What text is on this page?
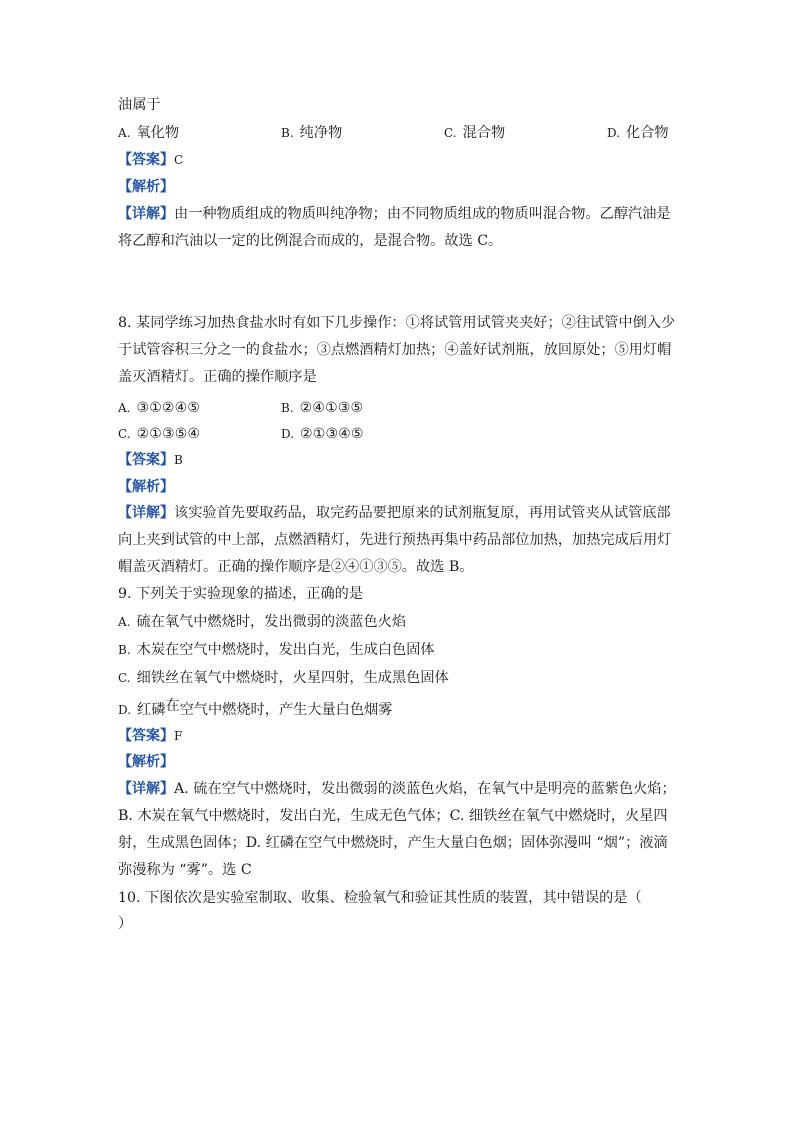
油属于
A. 氧化物	B. 纯净物	C. 混合物	D. 化合物
【答案】C
【解析】
【详解】由一种物质组成的物质叫纯净物；由不同物质组成的物质叫混合物。乙醇汽油是
将乙醇和汽油以一定的比例混合而成的，是混合物。故选 C。
8. 某同学练习加热食盐水时有如下几步操作：①将试管用试管夹夹好；②往试管中倒入少
于试管容积三分之一的食盐水；③点燃酒精灯加热；④盖好试剂瓶，放回原处；⑤用灯帽
盖灭酒精灯。正确的操作顺序是
A. ③①②④⑤	B. ②④①③⑤
C. ②①③⑤④	D. ②①③④⑤
【答案】B
【解析】
【详解】该实验首先要取药品，取完药品要把原来的试剂瓶复原，再用试管夹从试管底部
向上夹到试管的中上部，点燃酒精灯，先进行预热再集中药品部位加热，加热完成后用灯
帽盖灭酒精灯。正确的操作顺序是②④①③⑤。故选 B。
9. 下列关于实验现象的描述，正确的是
A. 硫在氧气中燃烧时，发出微弱的淡蓝色火焰
B. 木炭在空气中燃烧时，发出白光，生成白色固体
C. 细铁丝在氧气中燃烧时，火星四射，生成黑色固体
D. 红磷在空气中燃烧时，产生大量白色烟雾
【答案】F
【解析】
【详解】A. 硫在空气中燃烧时，发出微弱的淡蓝色火焰，在氧气中是明亮的蓝紫色火焰；
B. 木炭在氧气中燃烧时，发出白光，生成无色气体；C. 细铁丝在氧气中燃烧时，火星四
射，生成黑色固体；D. 红磷在空气中燃烧时，产生大量白色烟；固体弥漫叫 “烟”；液滴
弥漫称为 “雾”。选 C
10. 下图依次是实验室制取、收集、检验氧气和验证其性质的装置，其中错误的是（
）
